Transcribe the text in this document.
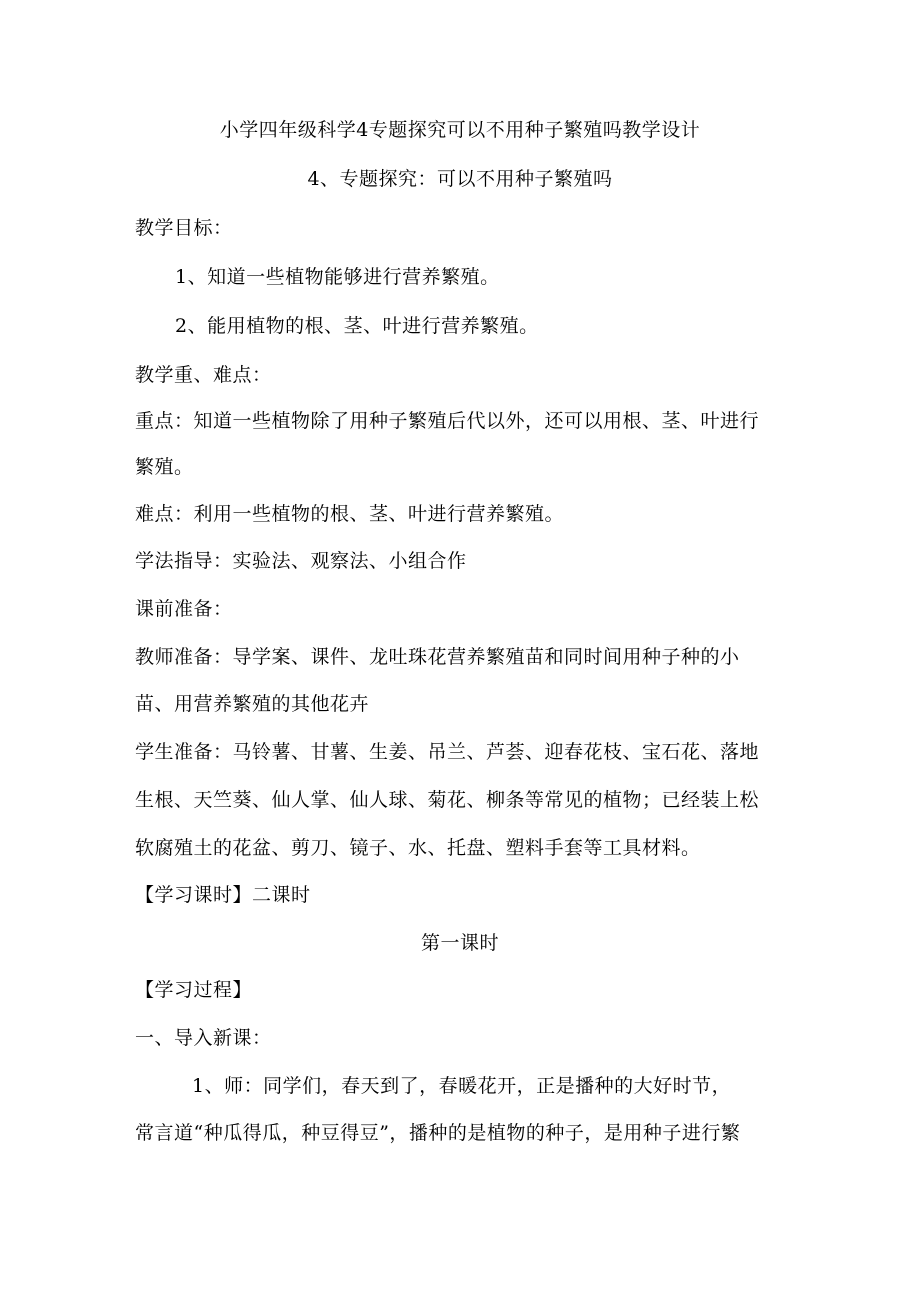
小学四年级科学4专题探究可以不用种子繁殖吗教学设计
4、专题探究：可以不用种子繁殖吗
教学目标：
1、知道一些植物能够进行营养繁殖。
2、能用植物的根、茎、叶进行营养繁殖。
教学重、难点：
重点：知道一些植物除了用种子繁殖后代以外，还可以用根、茎、叶进行
繁殖。
难点：利用一些植物的根、茎、叶进行营养繁殖。
学法指导：实验法、观察法、小组合作
课前准备：
教师准备：导学案、课件、龙吐珠花营养繁殖苗和同时间用种子种的小
苗、用营养繁殖的其他花卉
学生准备：马铃薯、甘薯、生姜、吊兰、芦荟、迎春花枝、宝石花、落地
生根、天竺葵、仙人掌、仙人球、菊花、柳条等常见的植物；已经装上松
软腐殖土的花盆、剪刀、镜子、水、托盘、塑料手套等工具材料。
【学习课时】二课时
第一课时
【学习过程】
一、导入新课：
1、师：同学们，春天到了，春暖花开，正是播种的大好时节，
常言道“种瓜得瓜，种豆得豆”，播种的是植物的种子，是用种子进行繁
